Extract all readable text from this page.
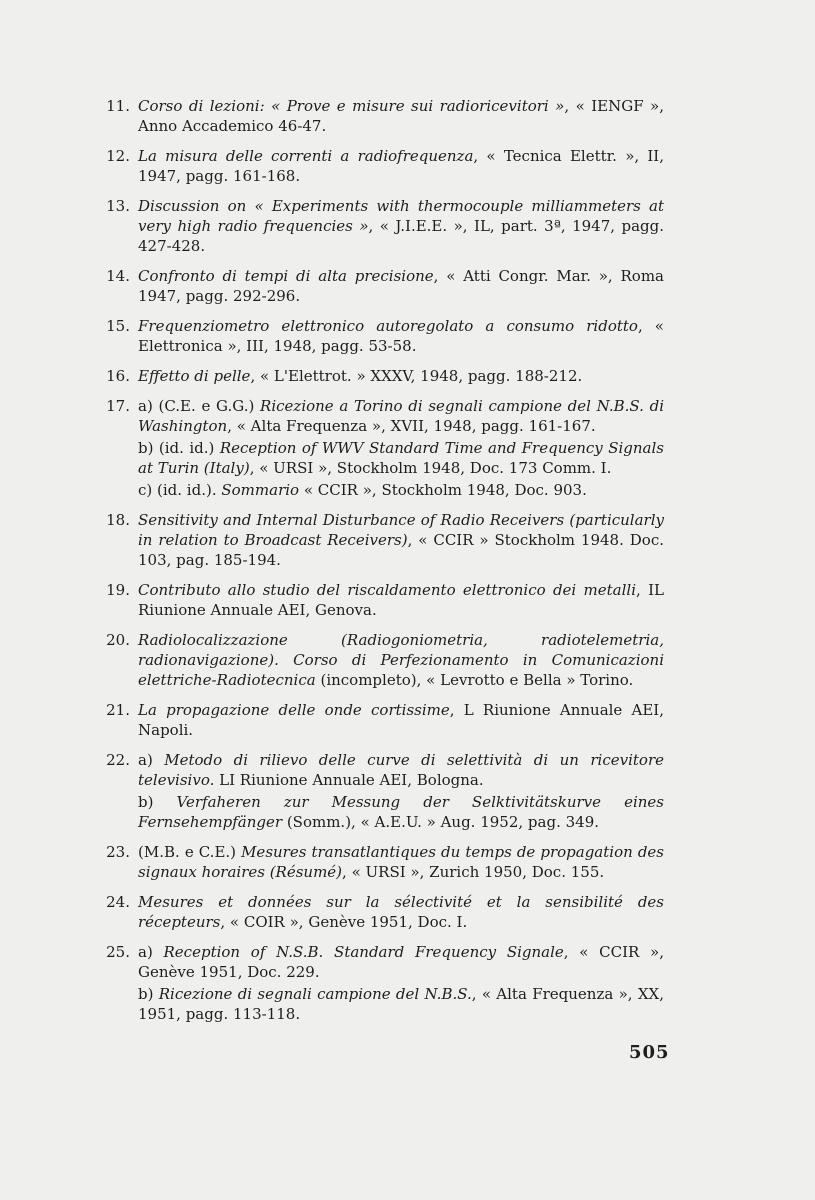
11. Corso di lezioni: « Prove e misure sui radioricevitori », « IENGF », Anno Accademico 46-47.
12. La misura delle correnti a radiofrequenza, « Tecnica Elettr. », II, 1947, pagg. 161-168.
13. Discussion on « Experiments with thermocouple milliammeters at very high radio frequencies », « J.I.E.E. », IL, part. 3ª, 1947, pagg. 427-428.
14. Confronto di tempi di alta precisione, « Atti Congr. Mar. », Roma 1947, pagg. 292-296.
15. Frequenziometro elettronico autoregolato a consumo ridotto, « Elettronica », III, 1948, pagg. 53-58.
16. Effetto di pelle, « L'Elettrot. » XXXV, 1948, pagg. 188-212.
17. a) (C.E. e G.G.) Ricezione a Torino di segnali campione del N.B.S. di Washington, « Alta Frequenza », XVII, 1948, pagg. 161-167.
b) (id. id.) Reception of WWV Standard Time and Frequency Signals at Turin (Italy), « URSI », Stockholm 1948, Doc. 173 Comm. I.
c) (id. id.). Sommario « CCIR », Stockholm 1948, Doc. 903.
18. Sensitivity and Internal Disturbance of Radio Receivers (particularly in relation to Broadcast Receivers), « CCIR » Stockholm 1948. Doc. 103, pag. 185-194.
19. Contributo allo studio del riscaldamento elettronico dei metalli, IL Riunione Annuale AEI, Genova.
20. Radiolocalizzazione (Radiogoniometria, radiotelemetria, radionavigazione). Corso di Perfezionamento in Comunicazioni elettriche-Radiotecnica (incompleto), « Levrotto e Bella » Torino.
21. La propagazione delle onde cortissime, L Riunione Annuale AEI, Napoli.
22. a) Metodo di rilievo delle curve di selettività di un ricevitore televisivo. LI Riunione Annuale AEI, Bologna.
b) Verfaheren zur Messung der Selktivitätskurve eines Fernsehempfänger (Somm.), « A.E.U. » Aug. 1952, pag. 349.
23. (M.B. e C.E.) Mesures transatlantiques du temps de propagation des signaux horaires (Résumé), « URSI », Zurich 1950, Doc. 155.
24. Mesures et données sur la sélectivité et la sensibilité des récepteurs, « COIR », Genève 1951, Doc. I.
25. a) Reception of N.S.B. Standard Frequency Signale, « CCIR », Genève 1951, Doc. 229.
b) Ricezione di segnali campione del N.B.S., « Alta Frequenza », XX, 1951, pagg. 113-118.
505
